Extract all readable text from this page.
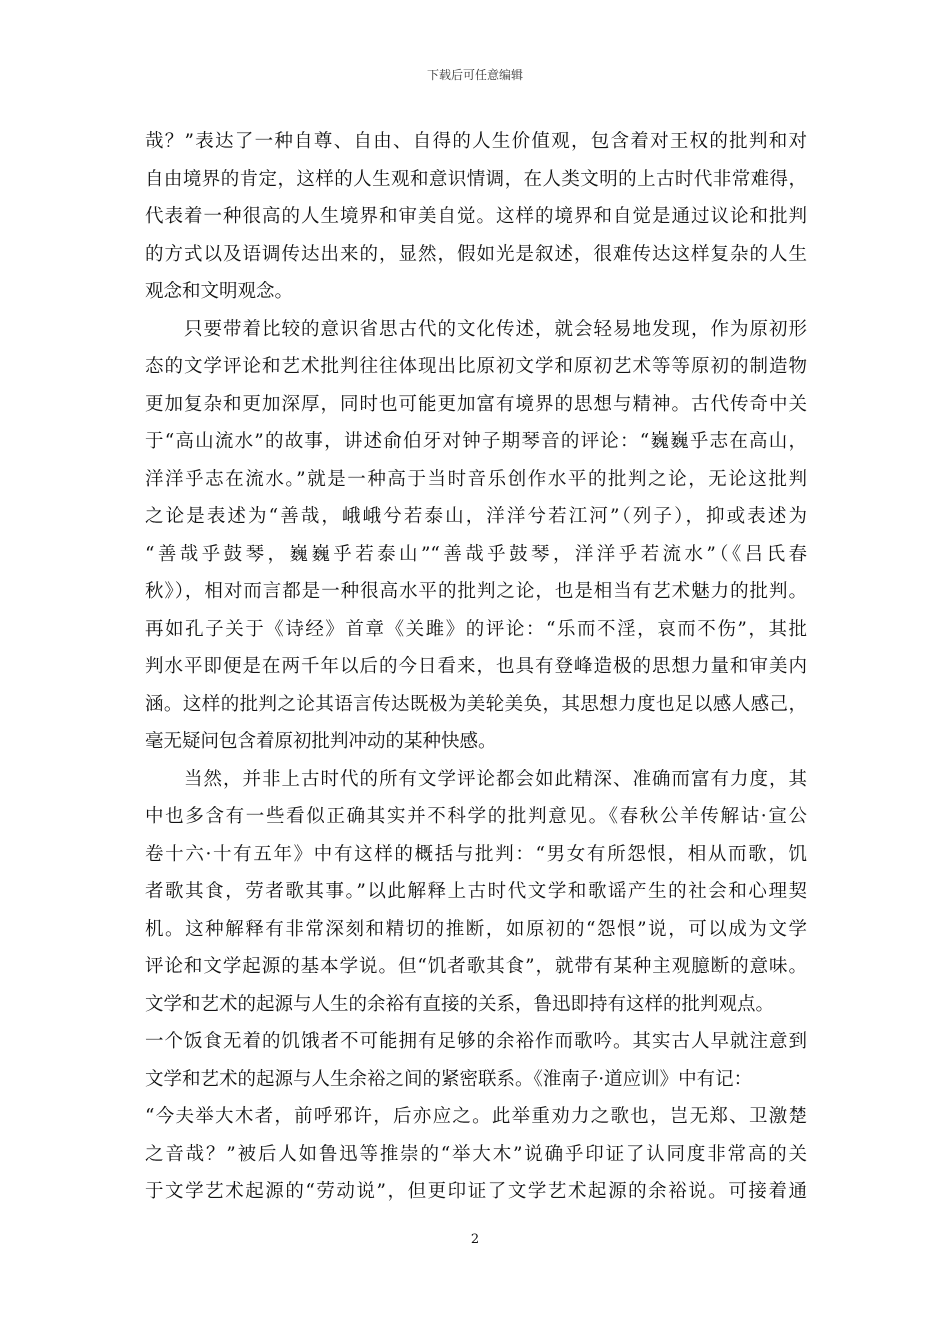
下载后可任意编辑
哉？”表达了一种自尊、自由、自得的人生价值观，包含着对王权的批判和对
自由境界的肯定，这样的人生观和意识情调，在人类文明的上古时代非常难得，
代表着一种很高的人生境界和审美自觉。这样的境界和自觉是通过议论和批判
的方式以及语调传达出来的，显然，假如光是叙述，很难传达这样复杂的人生
观念和文明观念。
　　只要带着比较的意识省思古代的文化传述，就会轻易地发现，作为原初形
态的文学评论和艺术批判往往体现出比原初文学和原初艺术等等原初的制造物
更加复杂和更加深厚，同时也可能更加富有境界的思想与精神。古代传奇中关
于“高山流水”的故事，讲述俞伯牙对钟子期琴音的评论：“巍巍乎志在高山，
洋洋乎志在流水。”就是一种高于当时音乐创作水平的批判之论，无论这批判
之论是表述为“善哉，峨峨兮若泰山，洋洋兮若江河”（列子），抑或表述为
“善哉乎鼓琴，巍巍乎若泰山”“善哉乎鼓琴，洋洋乎若流水”（《吕氏春
秋》），相对而言都是一种很高水平的批判之论，也是相当有艺术魅力的批判。
再如孔子关于《诗经》首章《关雎》的评论：“乐而不淫，哀而不伤”，其批
判水平即便是在两千年以后的今日看来，也具有登峰造极的思想力量和审美内
涵。这样的批判之论其语言传达既极为美轮美奂，其思想力度也足以感人感己，
毫无疑问包含着原初批判冲动的某种快感。
　　当然，并非上古时代的所有文学评论都会如此精深、准确而富有力度，其
中也多含有一些看似正确其实并不科学的批判意见。《春秋公羊传解诂·宣公
卷十六·十有五年》中有这样的概括与批判：“男女有所怨恨，相从而歌，饥
者歌其食，劳者歌其事。”以此解释上古时代文学和歌谣产生的社会和心理契
机。这种解释有非常深刻和精切的推断，如原初的“怨恨”说，可以成为文学
评论和文学起源的基本学说。但“饥者歌其食”，就带有某种主观臆断的意味。
文学和艺术的起源与人生的余裕有直接的关系，鲁迅即持有这样的批判观点。
一个饭食无着的饥饿者不可能拥有足够的余裕作而歌吟。其实古人早就注意到
文学和艺术的起源与人生余裕之间的紧密联系。《淮南子·道应训》中有记：
“今夫举大木者，前呼邪许，后亦应之。此举重劝力之歌也，岂无郑、卫激楚
之音哉？”被后人如鲁迅等推崇的“举大木”说确乎印证了认同度非常高的关
于文学艺术起源的“劳动说”，但更印证了文学艺术起源的余裕说。可接着通
2
